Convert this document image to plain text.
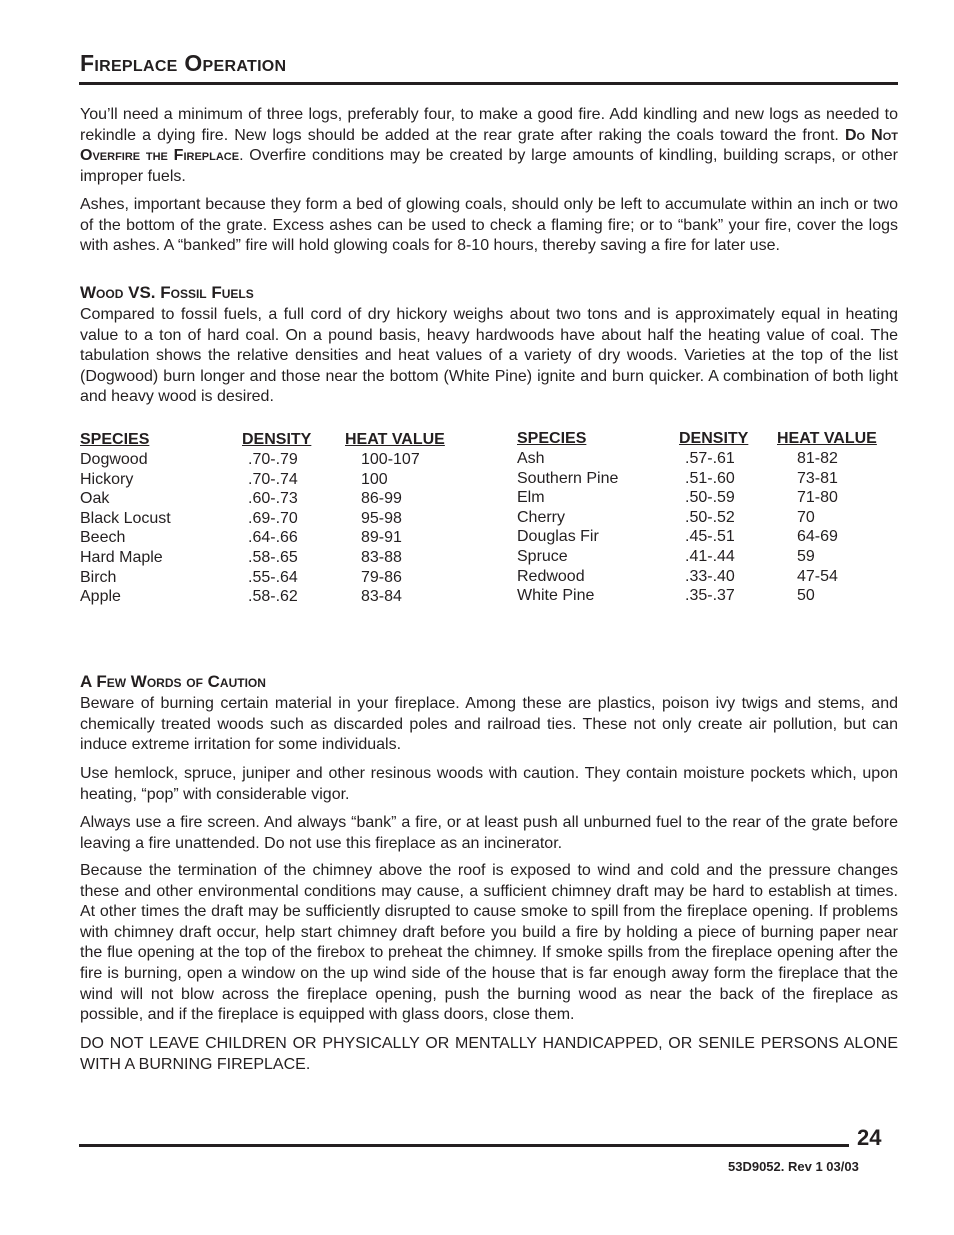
Fireplace Operation

You’ll need a minimum of three logs, preferably four, to make a good fire. Add kindling and new logs as needed to rekindle a dying fire. New logs should be added at the rear grate after raking the coals toward the front. Do Not Overfire the Fireplace. Overfire conditions may be created by large amounts of kindling, building scraps, or other improper fuels.

Ashes, important because they form a bed of glowing coals, should only be left to accumulate within an inch or two of the bottom of the grate. Excess ashes can be used to check a flaming fire; or to “bank” your fire, cover the logs with ashes. A “banked” fire will hold glowing coals for 8-10 hours, thereby saving a fire for later use.

Wood VS. Fossil Fuels

Compared to fossil fuels, a full cord of dry hickory weighs about two tons and is approximately equal in heating value to a ton of hard coal. On a pound basis, heavy hardwoods have about half the heating value of coal. The tabulation shows the relative densities and heat values of a variety of dry woods. Varieties at the top of the list (Dogwood) burn longer and those near the bottom (White Pine) ignite and burn quicker. A combination of both light and heavy wood is desired.

SPECIES	DENSITY HEAT VALUE
Dogwood	.70-.79	100-107
Hickory	.70-.74	100
Oak	.60-.73	86-99
Black Locust	.69-.70	95-98
Beech	.64-.66	89-91
Hard Maple	.58-.65	83-88
Birch	.55-.64	79-86
Apple	.58-.62	83-84
SPECIES	DENSITY HEAT VALUE
Ash	.57-.61	81-82
Southern Pine	.51-.60	73-81
Elm	.50-.59	71-80
Cherry	.50-.52	70
Douglas Fir	.45-.51	64-69
Spruce	.41-.44	59
Redwood	.33-.40	47-54
White Pine	.35-.37	50
A Few Words of Caution

Beware of burning certain material in your fireplace. Among these are plastics, poison ivy twigs and stems, and chemically treated woods such as discarded poles and railroad ties. These not only create air pollution, but can induce extreme irritation for some individuals.

Use hemlock, spruce, juniper and other resinous woods with caution. They contain moisture pockets which, upon heating, “pop” with considerable vigor.

Always use a fire screen. And always “bank” a fire, or at least push all unburned fuel to the rear of the grate before leaving a fire unattended. Do not use this fireplace as an incinerator.

Because the termination of the chimney above the roof is exposed to wind and cold and the pressure changes these and other environmental conditions may cause, a sufficient chimney draft may be hard to establish at times. At other times the draft may be sufficiently disrupted to cause smoke to spill from the fireplace opening. If problems with chimney draft occur, help start chimney draft before you build a fire by holding a piece of burning paper near the flue opening at the top of the firebox to preheat the chimney. If smoke spills from the fireplace opening after the fire is burning, open a window on the up wind side of the house that is far enough away form the fireplace that the wind will not blow across the fireplace opening, push the burning wood as near the back of the fireplace as possible, and if the fireplace is equipped with glass doors, close them.

DO NOT LEAVE CHILDREN OR PHYSICALLY OR MENTALLY HANDICAPPED, OR SENILE PERSONS ALONE WITH A BURNING FIREPLACE.

24
53D9052. Rev 1 03/03
